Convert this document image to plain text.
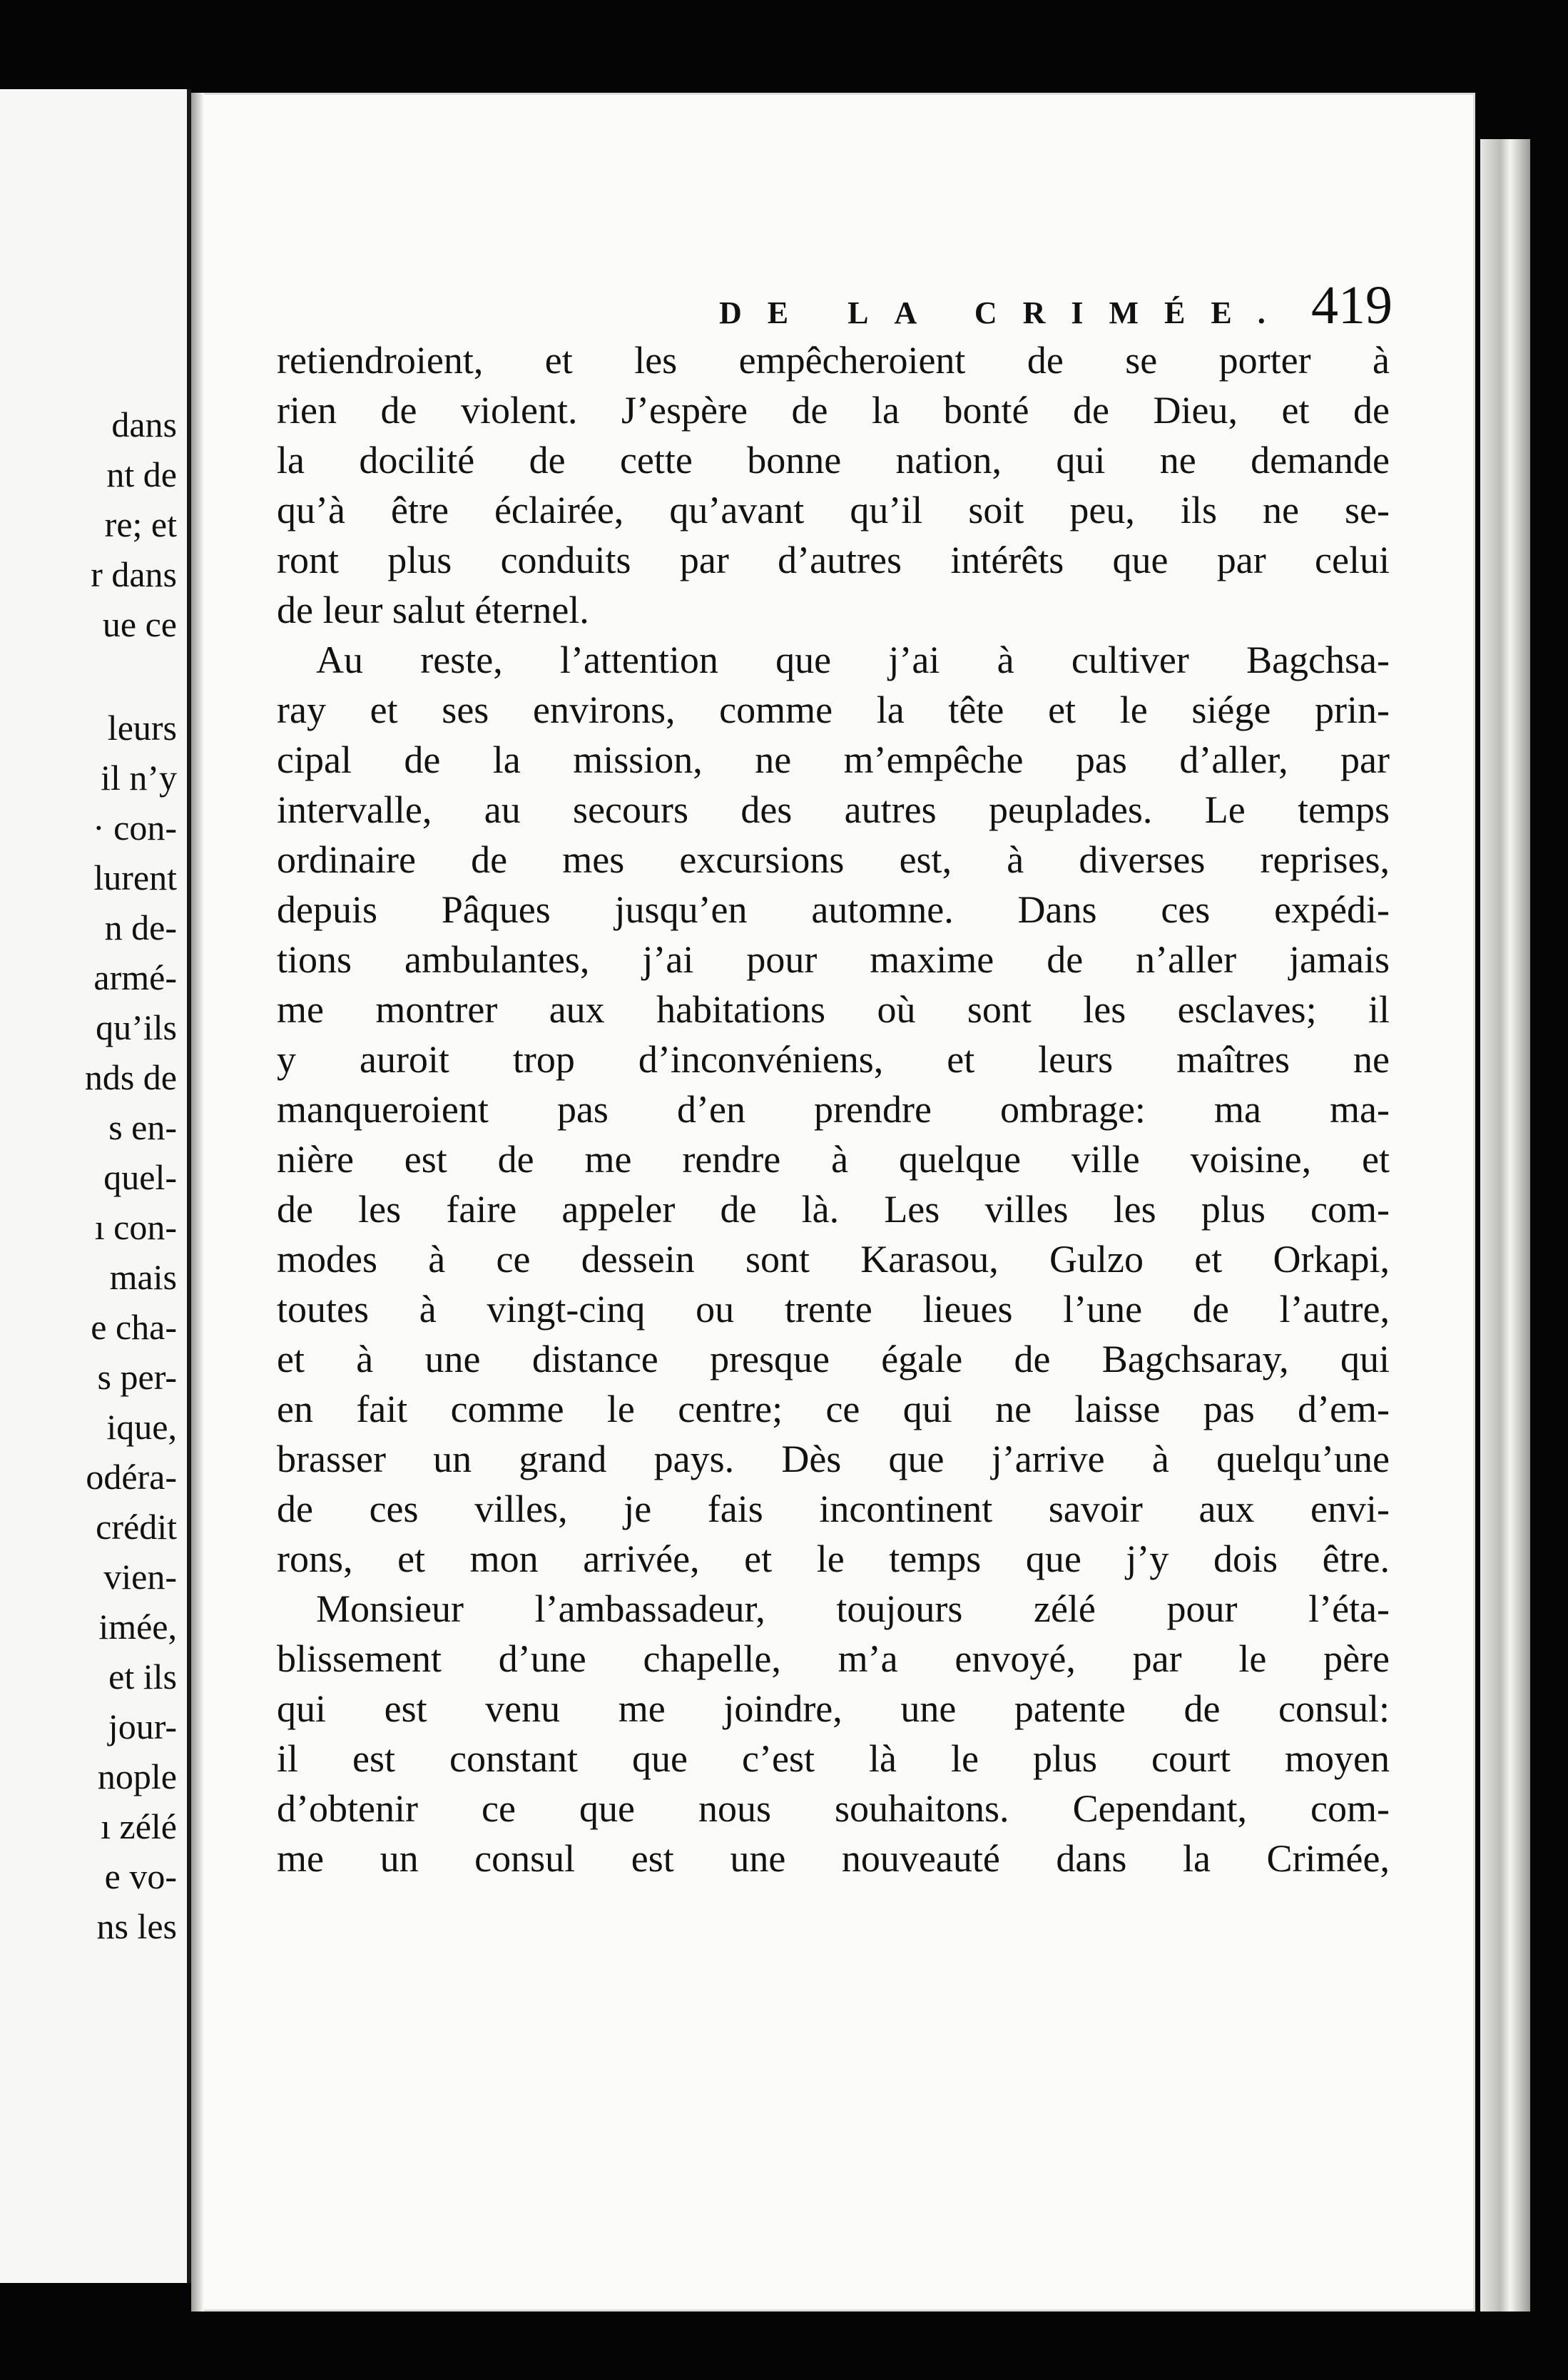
dans
nt de
re; et
r dans
ue ce
leurs
il n’y
· con-
lurent
n de-
armé-
qu’ils
nds de
s en-
quel-
ı con-
mais
e cha-
s per-
ique,
odéra-
crédit
vien-
imée,
et ils
jour-
nople
ı zélé
e vo-
ns les
DE LA CRIMÉE. 419
retiendroient, et les empêcheroient de se porter à
rien de violent. J’espère de la bonté de Dieu, et de
la docilité de cette bonne nation, qui ne demande
qu’à être éclairée, qu’avant qu’il soit peu, ils ne se-
ront plus conduits par d’autres intérêts que par celui
de leur salut éternel.
Au reste, l’attention que j’ai à cultiver Bagchsa-
ray et ses environs, comme la tête et le siége prin-
cipal de la mission, ne m’empêche pas d’aller, par
intervalle, au secours des autres peuplades. Le temps
ordinaire de mes excursions est, à diverses reprises,
depuis Pâques jusqu’en automne. Dans ces expédi-
tions ambulantes, j’ai pour maxime de n’aller jamais
me montrer aux habitations où sont les esclaves; il
y auroit trop d’inconvéniens, et leurs maîtres ne
manqueroient pas d’en prendre ombrage: ma ma-
nière est de me rendre à quelque ville voisine, et
de les faire appeler de là. Les villes les plus com-
modes à ce dessein sont Karasou, Gulzo et Orkapi,
toutes à vingt-cinq ou trente lieues l’une de l’autre,
et à une distance presque égale de Bagchsaray, qui
en fait comme le centre; ce qui ne laisse pas d’em-
brasser un grand pays. Dès que j’arrive à quelqu’une
de ces villes, je fais incontinent savoir aux envi-
rons, et mon arrivée, et le temps que j’y dois être.
Monsieur l’ambassadeur, toujours zélé pour l’éta-
blissement d’une chapelle, m’a envoyé, par le père
qui est venu me joindre, une patente de consul:
il est constant que c’est là le plus court moyen
d’obtenir ce que nous souhaitons. Cependant, com-
me un consul est une nouveauté dans la Crimée,
